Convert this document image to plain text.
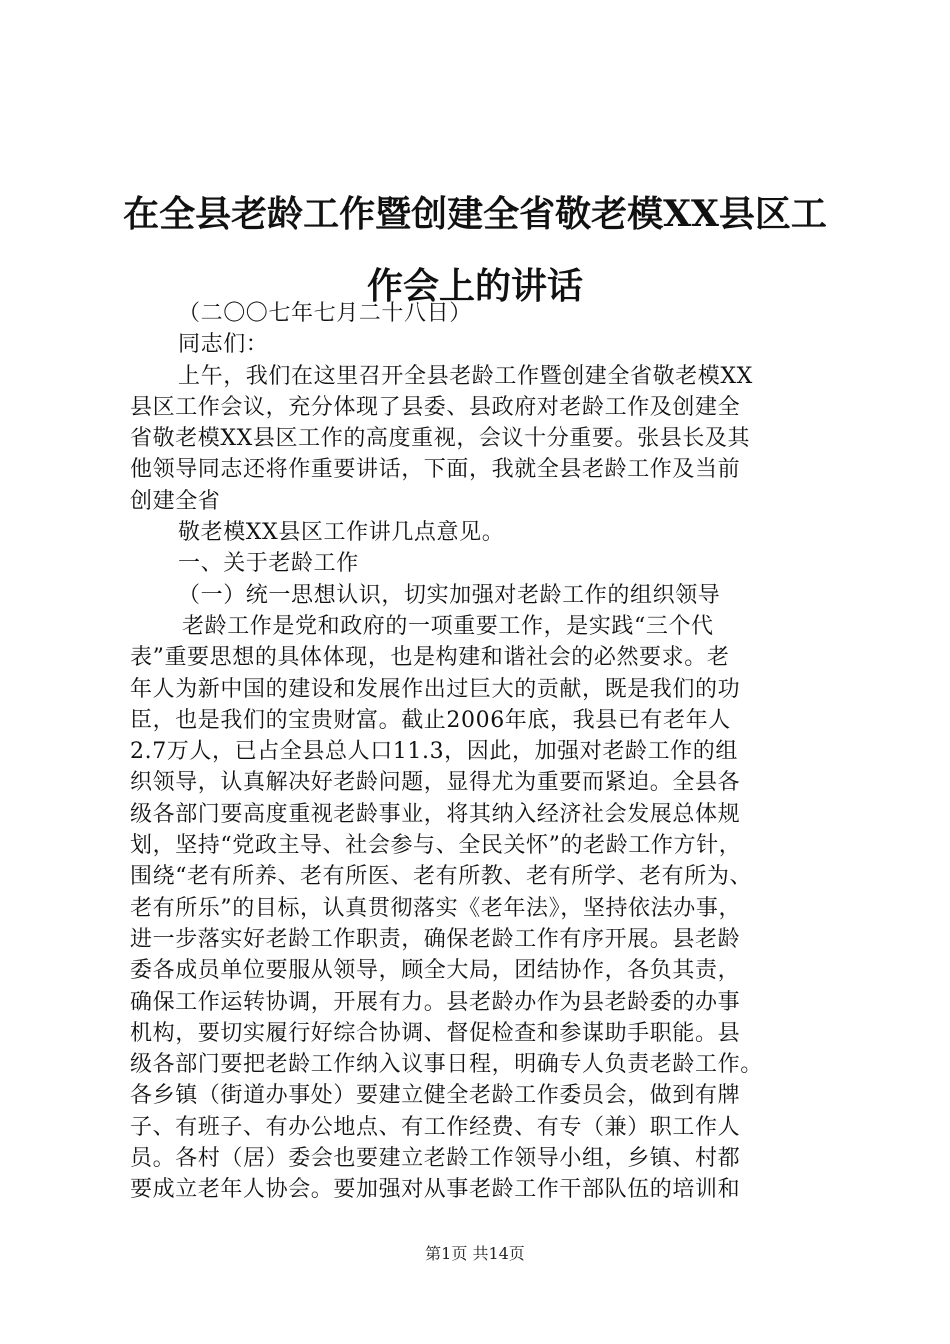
在全县老龄工作暨创建全省敬老模XX县区工
作会上的讲话

（二〇〇七年七月二十八日）

同志们：

上午，我们在这里召开全县老龄工作暨创建全省敬老模XX

县区工作会议，充分体现了县委、县政府对老龄工作及创建全

省敬老模XX县区工作的高度重视，会议十分重要。张县长及其

他领导同志还将作重要讲话，下面，我就全县老龄工作及当前

创建全省

敬老模XX县区工作讲几点意见。

一、关于老龄工作

（一）统一思想认识，切实加强对老龄工作的组织领导

老龄工作是党和政府的一项重要工作，是实践“三个代

表”重要思想的具体体现，也是构建和谐社会的必然要求。老

年人为新中国的建设和发展作出过巨大的贡献，既是我们的功

臣，也是我们的宝贵财富。截止2006年底，我县已有老年人

2.7万人，已占全县总人口11.3，因此，加强对老龄工作的组

织领导，认真解决好老龄问题，显得尤为重要而紧迫。全县各

级各部门要高度重视老龄事业，将其纳入经济社会发展总体规

划，坚持“党政主导、社会参与、全民关怀”的老龄工作方针，

围绕“老有所养、老有所医、老有所教、老有所学、老有所为、

老有所乐”的目标，认真贯彻落实《老年法》，坚持依法办事，

进一步落实好老龄工作职责，确保老龄工作有序开展。县老龄

委各成员单位要服从领导，顾全大局，团结协作，各负其责，

确保工作运转协调，开展有力。县老龄办作为县老龄委的办事

机构，要切实履行好综合协调、督促检查和参谋助手职能。县

级各部门要把老龄工作纳入议事日程，明确专人负责老龄工作。

各乡镇（街道办事处）要建立健全老龄工作委员会，做到有牌

子、有班子、有办公地点、有工作经费、有专（兼）职工作人

员。各村（居）委会也要建立老龄工作领导小组，乡镇、村都

要成立老年人协会。要加强对从事老龄工作干部队伍的培训和

第1页 共14页
